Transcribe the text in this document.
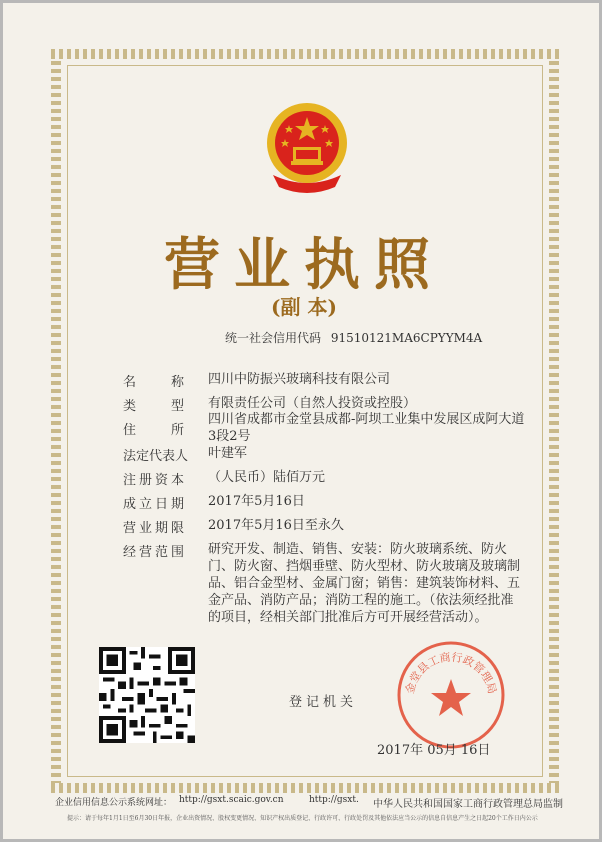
营业执照
(副 本)
统一社会信用代码 91510121MA6CPYYM4A
名　　称 四川中防振兴玻璃科技有限公司
类　　型 有限责任公司（自然人投资或控股）
住　　所
四川省成都市金堂县成都-阿坝工业集中发展区成阿大道3段2号
法定代表人 叶建军
注册资本 （人民币）陆佰万元
成立日期 2017年5月16日
营业期限 2017年5月16日至永久
经营范围 研究开发、制造、销售、安装：防火玻璃系统、防火门、防火窗、挡烟垂壁、防火型材、防火玻璃及玻璃制品、铝合金型材、金属门窗；销售：建筑装饰材料、五金产品、消防产品；消防工程的施工。（依法须经批准的项目，经相关部门批准后方可开展经营活动）。
登记机关
金堂县工商行政管理局
2017年 05月 16日
企业信用信息公示系统网址： http://gsxt.scaic.gov.cn	http://gsxt. 中华人民共和国国家工商行政管理总局监制
提示：请于每年1月1日至6月30日年报，企业出资情况、股权变更情况、知识产权出质登记、行政许可、行政处罚及其他依法应当公示的信息自信息产生之日起20个工作日内公示
